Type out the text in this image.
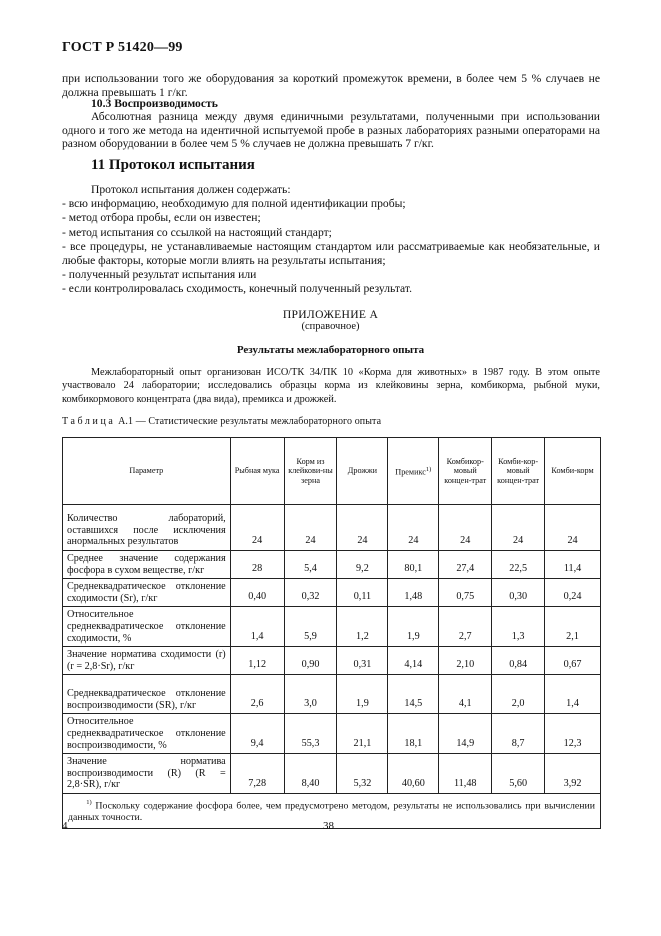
ГОСТ Р 51420—99
при использовании того же оборудования за короткий промежуток времени, в более чем 5 % случаев не должна превышать 1 г/кг.
10.3 Воспроизводимость
Абсолютная разница между двумя единичными результатами, полученными при использовании одного и того же метода на идентичной испытуемой пробе в разных лабораториях разными операторами на разном оборудовании в более чем 5 % случаев не должна превышать 7 г/кг.
11 Протокол испытания
Протокол испытания должен содержать:
- всю информацию, необходимую для полной идентификации пробы;
- метод отбора пробы, если он известен;
- метод испытания со ссылкой на настоящий стандарт;
- все процедуры, не устанавливаемые настоящим стандартом или рассматриваемые как необязательные, и любые факторы, которые могли влиять на результаты испытания;
- полученный результат испытания или
- если контролировалась сходимость, конечный полученный результат.
ПРИЛОЖЕНИЕ А
(справочное)
Результаты межлабораторного опыта
Межлабораторный опыт организован ИСО/ТК 34/ПК 10 «Корма для животных» в 1987 году. В этом опыте участвовало 24 лаборатории; исследовались образцы корма из клейковины зерна, комбикорма, рыбной муки, комбикормового концентрата (два вида), премикса и дрожжей.
Таблица А.1 — Статистические результаты межлабораторного опыта
Параметр	Рыбная мука	Корм из клейкови-ны зерна	Дрожжи	Премикс$^{1)}$	Комбикор-мовый концен-трат	Комби-кор-мовый концен-трат	Комби-корм
Количество лабораторий, оставшихся после исключения анормальных результатов	24	24	24	24	24	24	24
Среднее значение содержания фосфора в сухом веществе, г/кг	28	5,4	9,2	80,1	27,4	22,5	11,4
Среднеквадратическое отклонение сходимости (Sr), г/кг	0,40	0,32	0,11	1,48	0,75	0,30	0,24
Относительное среднеквадратическое отклонение сходимости, %	1,4	5,9	1,2	1,9	2,7	1,3	2,1
Значение норматива сходимости (r) (r = 2,8·Sr), г/кг	1,12	0,90	0,31	4,14	2,10	0,84	0,67
Среднеквадратическое отклонение воспроизводимости (SR), г/кг	2,6	3,0	1,9	14,5	4,1	2,0	1,4
Относительное среднеквадратическое отклонение воспроизводимости, %	9,4	55,3	21,1	18,1	14,9	8,7	12,3
Значение норматива воспроизводимости (R) (R = 2,8·SR), г/кг	7,28	8,40	5,32	40,60	11,48	5,60	3,92
$^{1)}$ Поскольку содержание фосфора более, чем предусмотрено методом, результаты не использовались при вычислении данных точности.							
4	38
